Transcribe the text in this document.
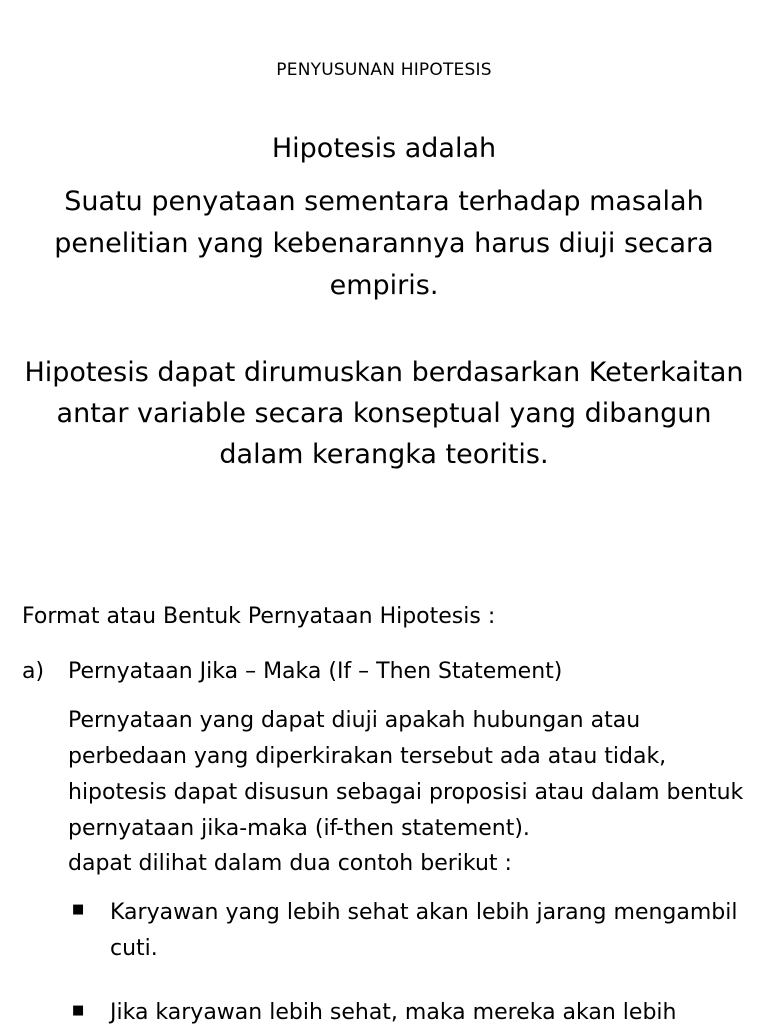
PENYUSUNAN HIPOTESIS
Hipotesis adalah
Suatu penyataan sementara terhadap masalah penelitian yang kebenarannya harus diuji secara empiris.
Hipotesis dapat dirumuskan berdasarkan Keterkaitan antar variable secara konseptual yang dibangun dalam kerangka teoritis.
Format atau Bentuk Pernyataan Hipotesis :
a) Pernyataan Jika – Maka (If – Then Statement)
Pernyataan yang dapat diuji apakah hubungan atau perbedaan yang diperkirakan tersebut ada atau tidak, hipotesis dapat disusun sebagai proposisi atau dalam bentuk pernyataan jika-maka (if-then statement).
dapat dilihat dalam dua contoh berikut :
■ Karyawan yang lebih sehat akan lebih jarang mengambil cuti.
■ Jika karyawan lebih sehat, maka mereka akan lebih
